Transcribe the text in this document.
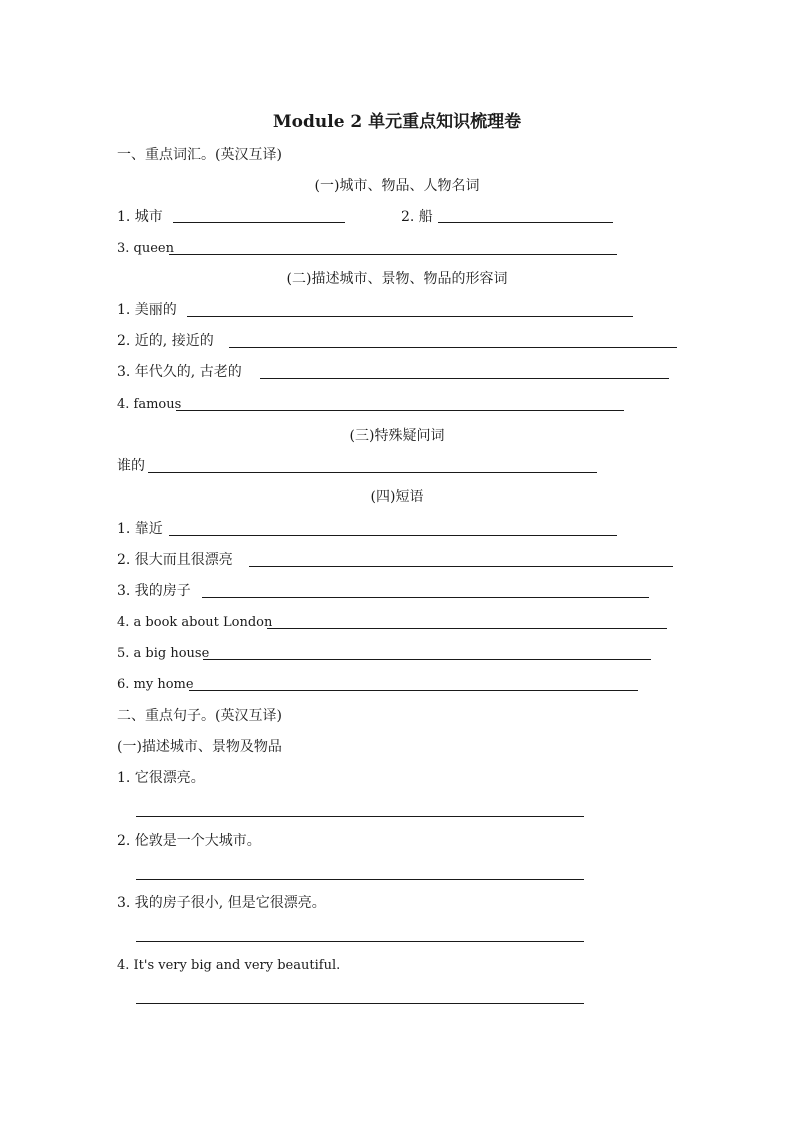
Module 2 单元重点知识梳理卷
一、重点词汇。(英汉互译)
(一)城市、物品、人物名词
1. 城市	2. 船
3. queen
(二)描述城市、景物、物品的形容词
1. 美丽的
2. 近的, 接近的
3. 年代久的, 古老的
4. famous
(三)特殊疑问词
谁的
(四)短语
1. 靠近
2. 很大而且很漂亮
3. 我的房子
4. a book about London
5. a big house
6. my home
二、重点句子。(英汉互译)
(一)描述城市、景物及物品
1. 它很漂亮。
2. 伦敦是一个大城市。
3. 我的房子很小, 但是它很漂亮。
4. It's very big and very beautiful.
